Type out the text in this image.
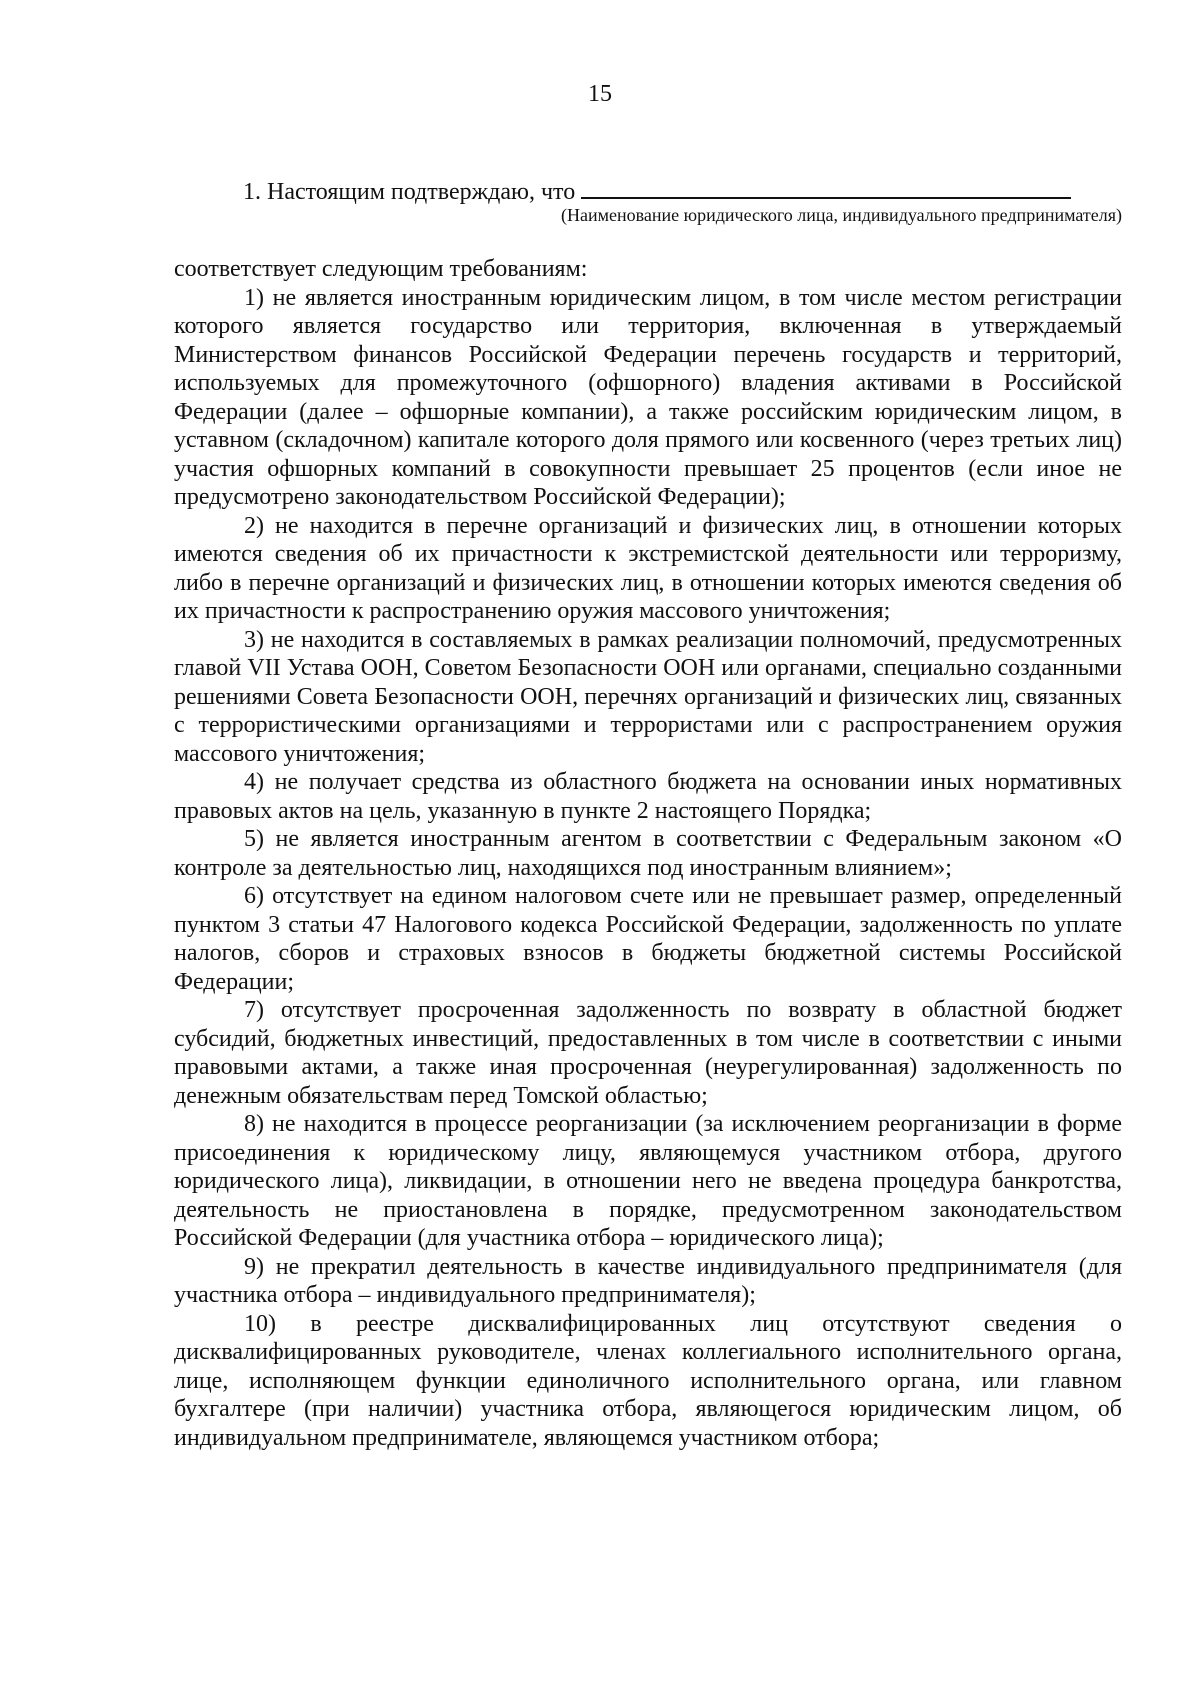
15
1. Настоящим подтверждаю, что
(Наименование юридического лица, индивидуального предпринимателя)

соответствует следующим требованиям:

1) не является иностранным юридическим лицом, в том числе местом регистрации которого является государство или территория, включенная в утверждаемый Министерством финансов Российской Федерации перечень государств и территорий, используемых для промежуточного (офшорного) владения активами в Российской Федерации (далее – офшорные компании), а также российским юридическим лицом, в уставном (складочном) капитале которого доля прямого или косвенного (через третьих лиц) участия офшорных компаний в совокупности превышает 25 процентов (если иное не предусмотрено законодательством Российской Федерации);

2) не находится в перечне организаций и физических лиц, в отношении которых имеются сведения об их причастности к экстремистской деятельности или терроризму, либо в перечне организаций и физических лиц, в отношении которых имеются сведения об их причастности к распространению оружия массового уничтожения;

3) не находится в составляемых в рамках реализации полномочий, предусмотренных главой VII Устава ООН, Советом Безопасности ООН или органами, специально созданными решениями Совета Безопасности ООН, перечнях организаций и физических лиц, связанных с террористическими организациями и террористами или с распространением оружия массового уничтожения;

4) не получает средства из областного бюджета на основании иных нормативных правовых актов на цель, указанную в пункте 2 настоящего Порядка;

5) не является иностранным агентом в соответствии с Федеральным законом «О контроле за деятельностью лиц, находящихся под иностранным влиянием»;

6) отсутствует на едином налоговом счете или не превышает размер, определенный пунктом 3 статьи 47 Налогового кодекса Российской Федерации, задолженность по уплате налогов, сборов и страховых взносов в бюджеты бюджетной системы Российской Федерации;

7) отсутствует просроченная задолженность по возврату в областной бюджет субсидий, бюджетных инвестиций, предоставленных в том числе в соответствии с иными правовыми актами, а также иная просроченная (неурегулированная) задолженность по денежным обязательствам перед Томской областью;

8) не находится в процессе реорганизации (за исключением реорганизации в форме присоединения к юридическому лицу, являющемуся участником отбора, другого юридического лица), ликвидации, в отношении него не введена процедура банкротства, деятельность не приостановлена в порядке, предусмотренном законодательством Российской Федерации (для участника отбора – юридического лица);

9) не прекратил деятельность в качестве индивидуального предпринимателя (для участника отбора – индивидуального предпринимателя);

10) в реестре дисквалифицированных лиц отсутствуют сведения о дисквалифицированных руководителе, членах коллегиального исполнительного органа, лице, исполняющем функции единоличного исполнительного органа, или главном бухгалтере (при наличии) участника отбора, являющегося юридическим лицом, об индивидуальном предпринимателе, являющемся участником отбора;
